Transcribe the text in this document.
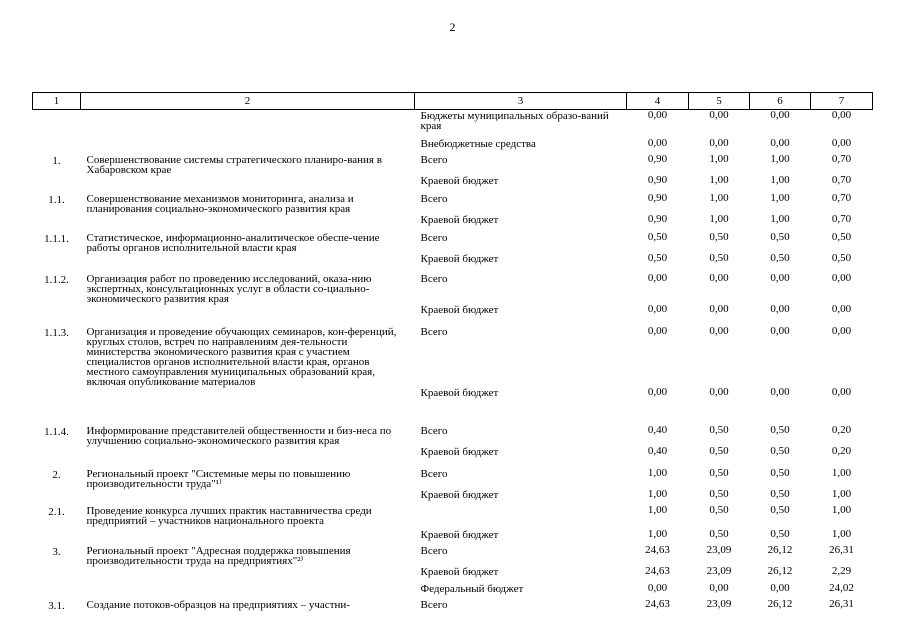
2
1	2	3	4	5	6	7
		Бюджеты муниципальных образо-ваний края	0,00	0,00	0,00	0,00
		Внебюджетные средства	0,00	0,00	0,00	0,00
1.	Совершенствование системы стратегического планиро-вания в Хабаровском крае	Всего	0,90	1,00	1,00	0,70
		Краевой бюджет	0,90	1,00	1,00	0,70
1.1.	Совершенствование механизмов мониторинга, анализа и планирования социально-экономического развития края	Всего	0,90	1,00	1,00	0,70
		Краевой бюджет	0,90	1,00	1,00	0,70
1.1.1.	Статистическое, информационно-аналитическое обеспе-чение работы органов исполнительной власти края	Всего	0,50	0,50	0,50	0,50
		Краевой бюджет	0,50	0,50	0,50	0,50
1.1.2.	Организация работ по проведению исследований, оказа-нию экспертных, консультационных услуг в области со-циально-экономического развития края	Всего	0,00	0,00	0,00	0,00
		Краевой бюджет	0,00	0,00	0,00	0,00
1.1.3.	Организация и проведение обучающих семинаров, кон-ференций, круглых столов, встреч по направлениям дея-тельности министерства экономического развития края с участием специалистов органов исполнительной власти края, органов местного самоуправления муниципальных образований края, включая опубликование материалов	Всего	0,00	0,00	0,00	0,00
		Краевой бюджет	0,00	0,00	0,00	0,00
1.1.4.	Информирование представителей общественности и биз-неса по улучшению социально-экономического развития края	Всего	0,40	0,50	0,50	0,20
		Краевой бюджет	0,40	0,50	0,50	0,20
2.	Региональный проект "Системные меры по повышению производительности труда"¹⁾	Всего	1,00	0,50	0,50	1,00
		Краевой бюджет	1,00	0,50	0,50	1,00
2.1.	Проведение конкурса лучших практик наставничества среди предприятий – участников национального проекта		1,00	0,50	0,50	1,00
		Краевой бюджет	1,00	0,50	0,50	1,00
3.	Региональный проект "Адресная поддержка повышения производительности труда на предприятиях"²⁾	Всего	24,63	23,09	26,12	26,31
		Краевой бюджет	24,63	23,09	26,12	2,29
		Федеральный бюджет	0,00	0,00	0,00	24,02
3.1.	Создание потоков-образцов на предприятиях – участни-	Всего	24,63	23,09	26,12	26,31
